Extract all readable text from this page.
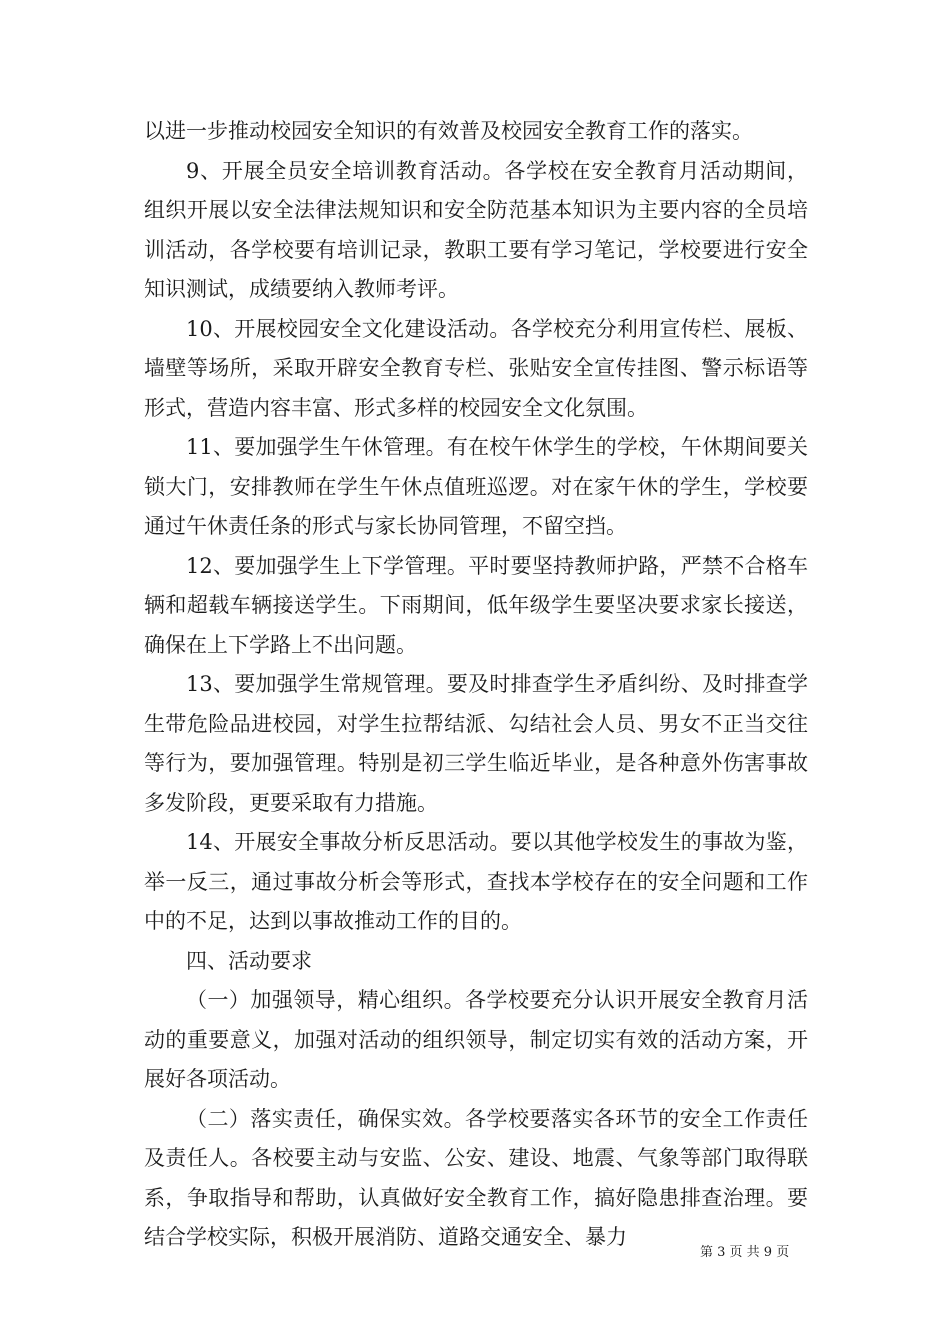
以进一步推动校园安全知识的有效普及校园安全教育工作的落实。

9、开展全员安全培训教育活动。各学校在安全教育月活动期间，组织开展以安全法律法规知识和安全防范基本知识为主要内容的全员培训活动，各学校要有培训记录，教职工要有学习笔记，学校要进行安全知识测试，成绩要纳入教师考评。

10、开展校园安全文化建设活动。各学校充分利用宣传栏、展板、墙壁等场所，采取开辟安全教育专栏、张贴安全宣传挂图、警示标语等形式，营造内容丰富、形式多样的校园安全文化氛围。

11、要加强学生午休管理。有在校午休学生的学校，午休期间要关锁大门，安排教师在学生午休点值班巡逻。对在家午休的学生，学校要通过午休责任条的形式与家长协同管理，不留空挡。

12、要加强学生上下学管理。平时要坚持教师护路，严禁不合格车辆和超载车辆接送学生。下雨期间，低年级学生要坚决要求家长接送，确保在上下学路上不出问题。

13、要加强学生常规管理。要及时排查学生矛盾纠纷、及时排查学生带危险品进校园，对学生拉帮结派、勾结社会人员、男女不正当交往等行为，要加强管理。特别是初三学生临近毕业，是各种意外伤害事故多发阶段，更要采取有力措施。

14、开展安全事故分析反思活动。要以其他学校发生的事故为鉴，举一反三，通过事故分析会等形式，查找本学校存在的安全问题和工作中的不足，达到以事故推动工作的目的。

四、活动要求

（一）加强领导，精心组织。各学校要充分认识开展安全教育月活动的重要意义，加强对活动的组织领导，制定切实有效的活动方案，开展好各项活动。

（二）落实责任，确保实效。各学校要落实各环节的安全工作责任及责任人。各校要主动与安监、公安、建设、地震、气象等部门取得联系，争取指导和帮助，认真做好安全教育工作，搞好隐患排查治理。要结合学校实际，积极开展消防、道路交通安全、暴力

第 3 页 共 9 页
